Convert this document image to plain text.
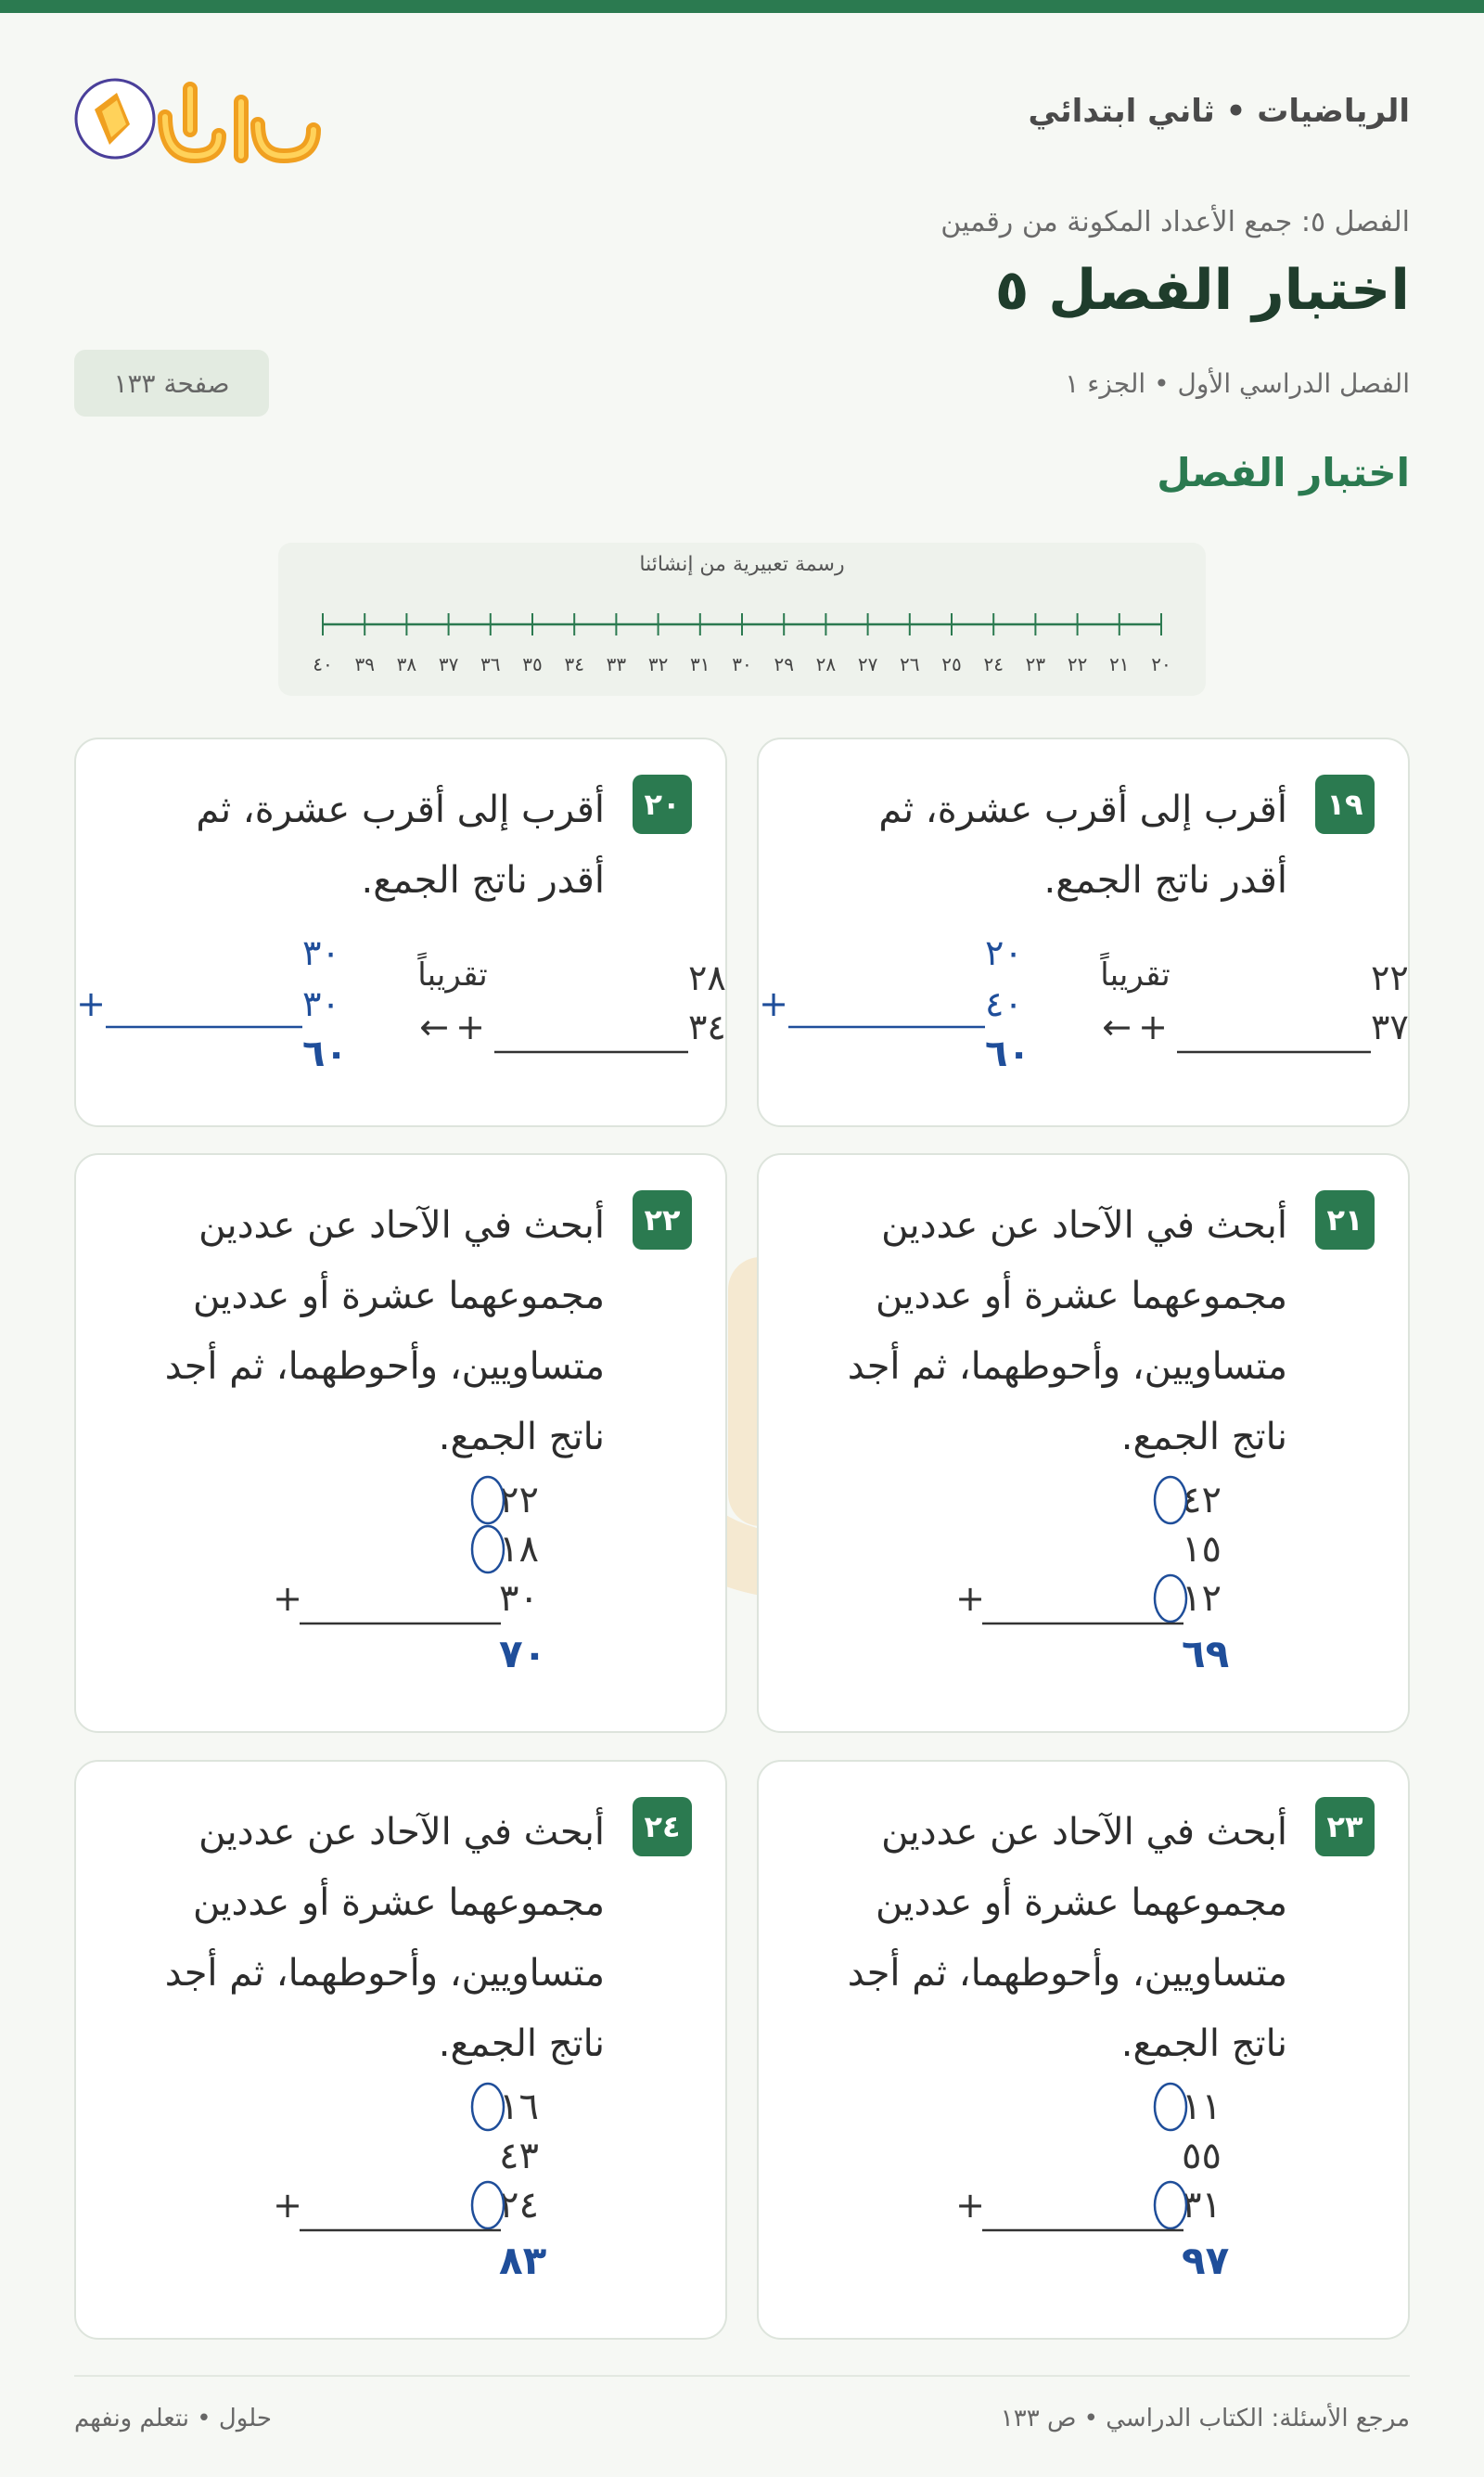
الرياضيات • ثاني ابتدائي
الفصل ٥: جمع الأعداد المكونة من رقمين
اختبار الفصل ٥
الفصل الدراسي الأول • الجزء ١
صفحة ١٣٣
اختبار الفصل
رسمة تعبيرية من إنشائنا
٢٠
٢١
٢٢
٢٣
٢٤
٢٥
٢٦
٢٧
٢٨
٢٩
٣٠
٣١
٣٢
٣٣
٣٤
٣٥
٣٦
٣٧
٣٨
٣٩
٤٠
١٩
أقرب إلى أقرب عشرة، ثم أقدر ناتج الجمع.
٢٢
٣٧
+
تقريباً
←
٢٠
٤٠
+
٦٠
٢٠
أقرب إلى أقرب عشرة، ثم أقدر ناتج الجمع.
٢٨
٣٤
+
تقريباً
←
٣٠
٣٠
+
٦٠
٢١
أبحث في الآحاد عن عددين مجموعهما عشرة أو عددين متساويين، وأحوطهما، ثم أجد ناتج الجمع.
٤٢
١٥
١٢
+
٦٩
٢٢
أبحث في الآحاد عن عددين مجموعهما عشرة أو عددين متساويين، وأحوطهما، ثم أجد ناتج الجمع.
٢٢
١٨
٣٠
+
٧٠
٢٣
أبحث في الآحاد عن عددين مجموعهما عشرة أو عددين متساويين، وأحوطهما، ثم أجد ناتج الجمع.
١١
٥٥
٣١
+
٩٧
٢٤
أبحث في الآحاد عن عددين مجموعهما عشرة أو عددين متساويين، وأحوطهما، ثم أجد ناتج الجمع.
١٦
٤٣
٢٤
+
٨٣
مرجع الأسئلة: الكتاب الدراسي • ص ١٣٣
حلول • نتعلم ونفهم
